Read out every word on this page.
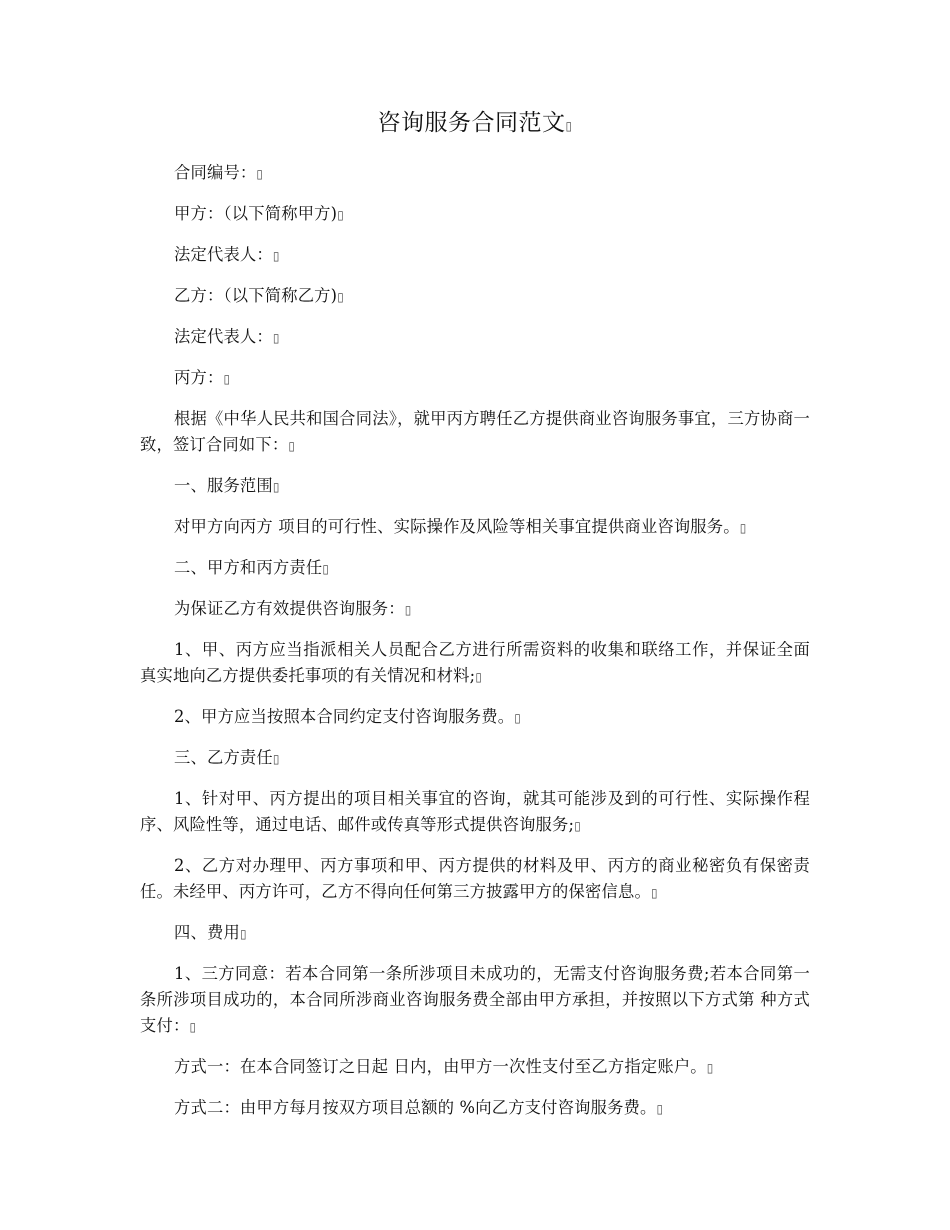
咨询服务合同范文▯
合同编号：▯
甲方：（以下简称甲方)▯
法定代表人：▯
乙方：（以下简称乙方)▯
法定代表人：▯
丙方：▯
根据《中华人民共和国合同法》，就甲丙方聘任乙方提供商业咨询服务事宜，三方协商一致，签订合同如下：▯
一、服务范围▯
对甲方向丙方 项目的可行性、实际操作及风险等相关事宜提供商业咨询服务。▯
二、甲方和丙方责任▯
为保证乙方有效提供咨询服务：▯
1、甲、丙方应当指派相关人员配合乙方进行所需资料的收集和联络工作，并保证全面真实地向乙方提供委托事项的有关情况和材料;▯
2、甲方应当按照本合同约定支付咨询服务费。▯
三、乙方责任▯
1、针对甲、丙方提出的项目相关事宜的咨询，就其可能涉及到的可行性、实际操作程序、风险性等，通过电话、邮件或传真等形式提供咨询服务;▯
2、乙方对办理甲、丙方事项和甲、丙方提供的材料及甲、丙方的商业秘密负有保密责任。未经甲、丙方许可，乙方不得向任何第三方披露甲方的保密信息。▯
四、费用▯
1、三方同意：若本合同第一条所涉项目未成功的，无需支付咨询服务费;若本合同第一条所涉项目成功的，本合同所涉商业咨询服务费全部由甲方承担，并按照以下方式第 种方式支付：▯
方式一：在本合同签订之日起 日内，由甲方一次性支付至乙方指定账户。▯
方式二：由甲方每月按双方项目总额的 %向乙方支付咨询服务费。▯
